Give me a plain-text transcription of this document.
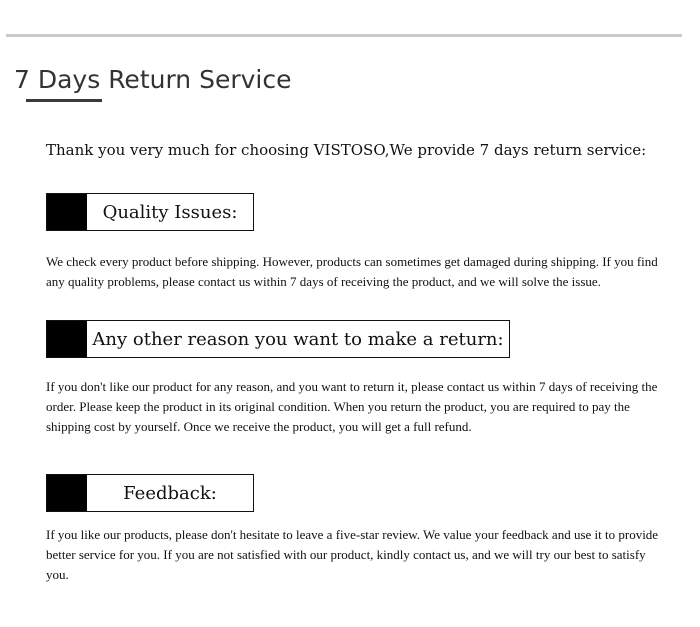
7 Days Return Service
Thank you very much for choosing VISTOSO,We provide 7 days return service:
Quality Issues:
We check every product before shipping. However, products can sometimes get damaged during shipping. If you find any quality problems, please contact us within 7 days of receiving the product, and we will solve the issue.
Any other reason you want to make a return:
If you don't like our product for any reason, and you want to return it, please contact us within 7 days of receiving the order. Please keep the product in its original condition. When you return the product, you are required to pay the shipping cost by yourself. Once we receive the product, you will get a full refund.
Feedback:
If you like our products, please don't hesitate to leave a five-star review. We value your feedback and use it to provide better service for you. If you are not satisfied with our product, kindly contact us, and we will try our best to satisfy you.
